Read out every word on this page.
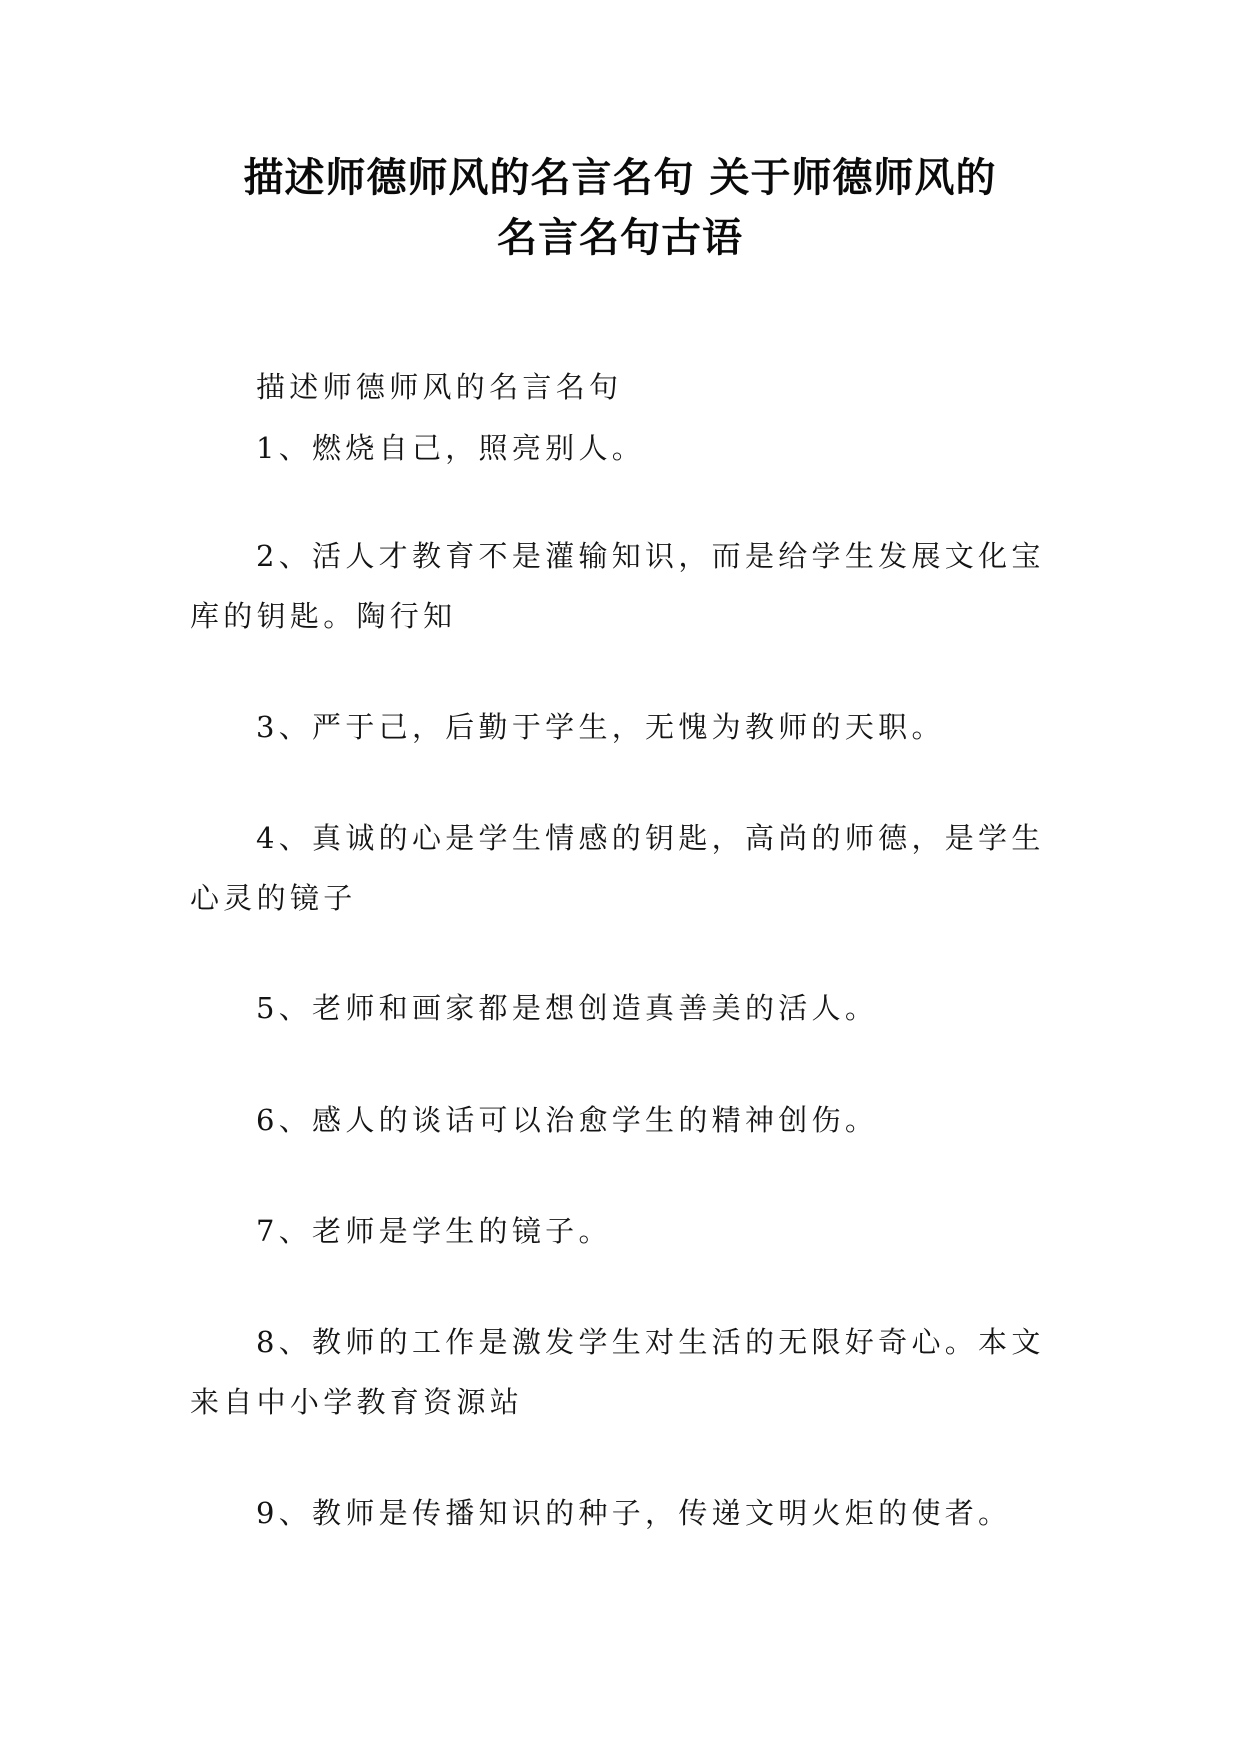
描述师德师风的名言名句 关于师德师风的
名言名句古语

描述师德师风的名言名句

1、燃烧自己，照亮别人。

2、活人才教育不是灌输知识，而是给学生发展文化宝库的钥匙。陶行知

3、严于己，后勤于学生，无愧为教师的天职。

4、真诚的心是学生情感的钥匙，高尚的师德，是学生心灵的镜子

5、老师和画家都是想创造真善美的活人。

6、感人的谈话可以治愈学生的精神创伤。

7、老师是学生的镜子。

8、教师的工作是激发学生对生活的无限好奇心。本文来自中小学教育资源站

9、教师是传播知识的种子，传递文明火炬的使者。
